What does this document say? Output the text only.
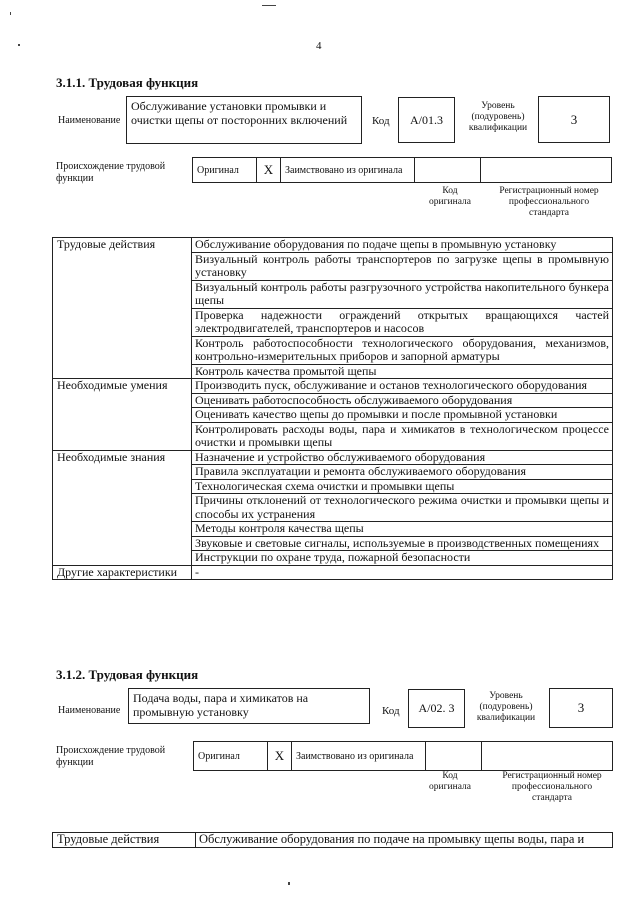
4
3.1.1. Трудовая функция
Наименование
Обслуживание установки промывки и очистки щепы от посторонних включений	Код	А/01.3
Уровень (подуровень) квалификации
3
Происхождение трудовой функции
Оригинал	X	Заимствовано из оригинала
Код оригинала
Регистрационный номер профессионального стандарта
Трудовые действия	Обслуживание оборудования по подаче щепы в промывную установку
	Визуальный контроль работы транспортеров по загрузке щепы в промывную установку
	Визуальный контроль работы разгрузочного устройства накопительного бункера щепы
	Проверка надежности ограждений открытых вращающихся частей электродвигателей, транспортеров и насосов
	Контроль работоспособности технологического оборудования, механизмов, контрольно-измерительных приборов и запорной арматуры
	Контроль качества промытой щепы
Необходимые умения	Производить пуск, обслуживание и останов технологического оборудования
	Оценивать работоспособность обслуживаемого оборудования
	Оценивать качество щепы до промывки и после промывной установки
	Контролировать расходы воды, пара и химикатов в технологическом процессе очистки и промывки щепы
Необходимые знания	Назначение и устройство обслуживаемого оборудования
	Правила эксплуатации и ремонта обслуживаемого оборудования
	Технологическая схема очистки и промывки щепы
	Причины отклонений от технологического режима очистки и промывки щепы и способы их устранения
	Методы контроля качества щепы
	Звуковые и световые сигналы, используемые в производственных помещениях
	Инструкции по охране труда, пожарной безопасности
Другие характеристики	-
3.1.2. Трудовая функция
Наименование
Подача воды, пара и химикатов на промывную установку	Код	А/02. 3
Уровень (подуровень) квалификации
3
Происхождение трудовой функции
Оригинал	X	Заимствовано из оригинала
Код оригинала
Регистрационный номер профессионального стандарта
Трудовые действия	Обслуживание оборудования по подаче на промывку щепы воды, пара и
